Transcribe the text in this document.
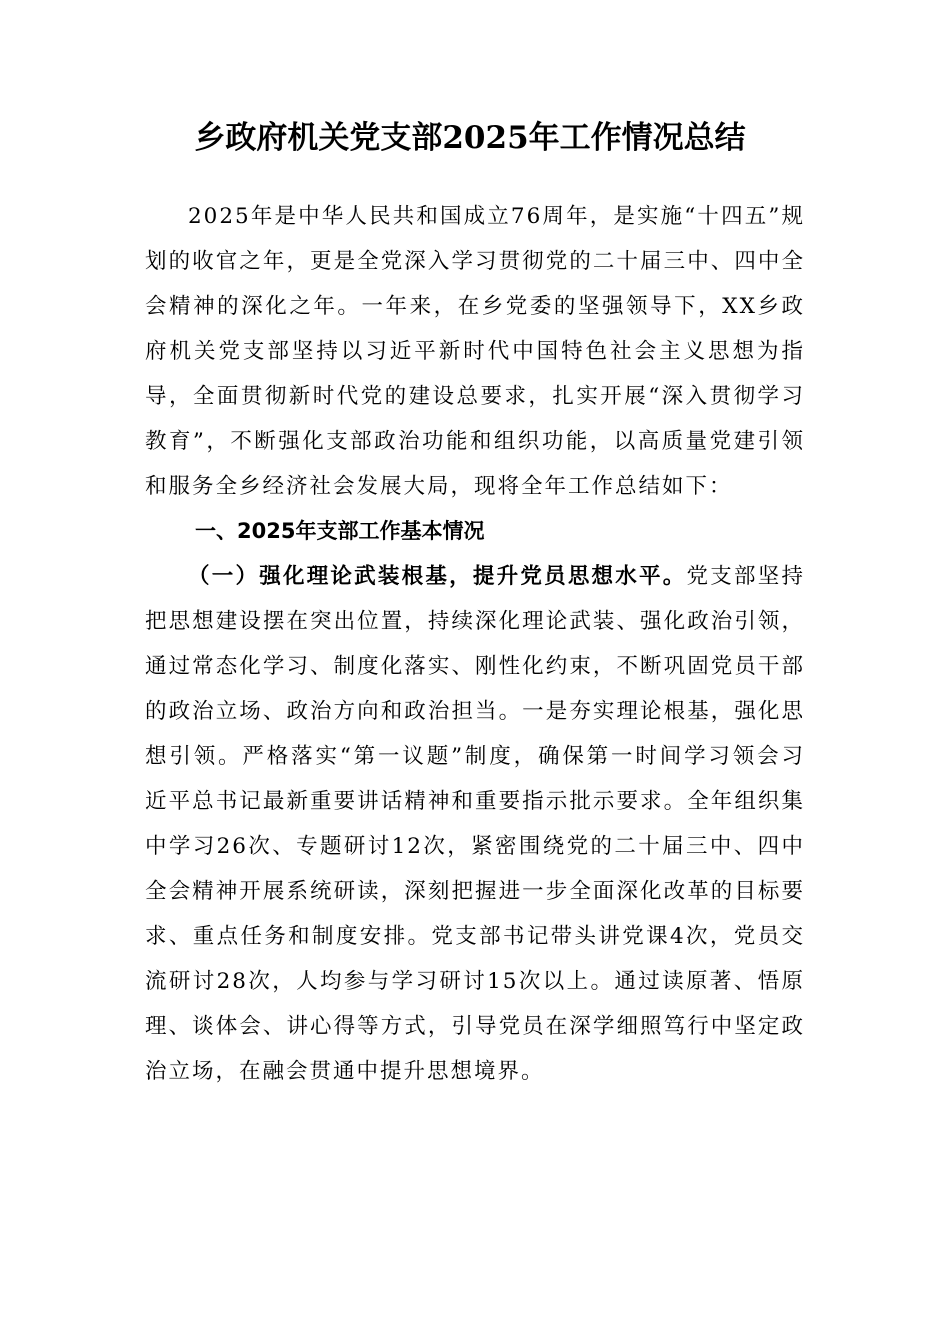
乡政府机关党支部2025年工作情况总结

2025年是中华人民共和国成立76周年，是实施“十四五”规划的收官之年，更是全党深入学习贯彻党的二十届三中、四中全会精神的深化之年。一年来，在乡党委的坚强领导下，XX乡政府机关党支部坚持以习近平新时代中国特色社会主义思想为指导，全面贯彻新时代党的建设总要求，扎实开展“深入贯彻学习教育”，不断强化支部政治功能和组织功能，以高质量党建引领和服务全乡经济社会发展大局，现将全年工作总结如下：

一、2025年支部工作基本情况

（一）强化理论武装根基，提升党员思想水平。党支部坚持把思想建设摆在突出位置，持续深化理论武装、强化政治引领，通过常态化学习、制度化落实、刚性化约束，不断巩固党员干部的政治立场、政治方向和政治担当。一是夯实理论根基，强化思想引领。严格落实“第一议题”制度，确保第一时间学习领会习近平总书记最新重要讲话精神和重要指示批示要求。全年组织集中学习26次、专题研讨12次，紧密围绕党的二十届三中、四中全会精神开展系统研读，深刻把握进一步全面深化改革的目标要求、重点任务和制度安排。党支部书记带头讲党课4次，党员交流研讨28次，人均参与学习研讨15次以上。通过读原著、悟原理、谈体会、讲心得等方式，引导党员在深学细照笃行中坚定政治立场，在融会贯通中提升思想境界。
